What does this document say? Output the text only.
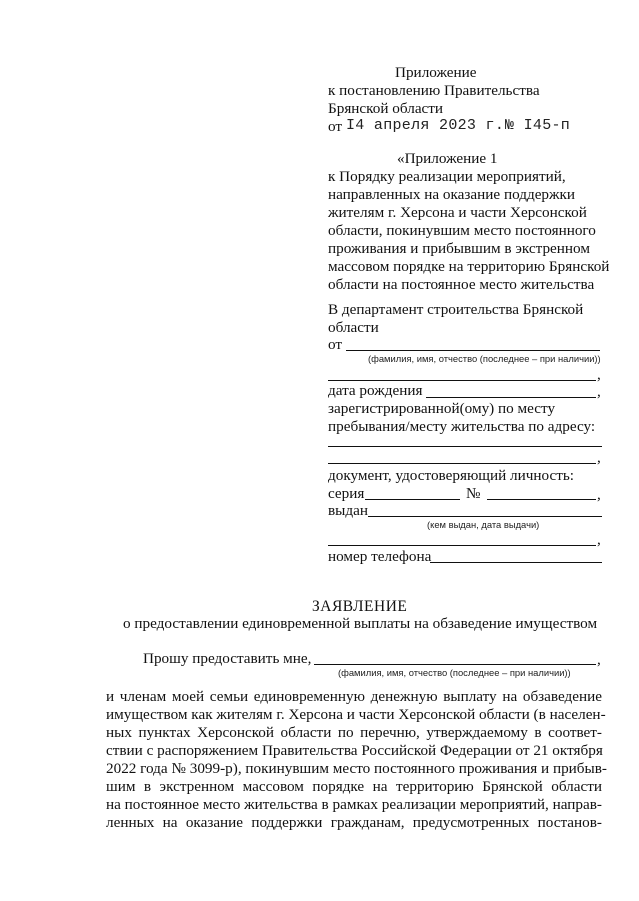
Приложение
к постановлению Правительства
Брянской области
от I4 апреля 2023 г. № I45-п
«Приложение 1
к Порядку реализации мероприятий,
направленных на оказание поддержки
жителям г. Херсона и части Херсонской
области, покинувшим место постоянного
проживания и прибывшим в экстренном
массовом порядке на территорию Брянской
области на постоянное место жительства
В департамент строительства Брянской
области
от
(фамилия, имя, отчество (последнее – при наличии))
,
дата рождения	,
зарегистрированной(ому) по месту
пребывания/месту жительства по адресу:
,
документ, удостоверяющий личность:
серия	№	,
выдан
(кем выдан, дата выдачи)
,
номер телефона
ЗАЯВЛЕНИЕ
о предоставлении единовременной выплаты на обзаведение имуществом
Прошу предоставить мне,	,
(фамилия, имя, отчество (последнее – при наличии))
и членам моей семьи единовременную денежную выплату на обзаведение
имуществом как жителям г. Херсона и части Херсонской области (в населен-
ных пунктах Херсонской области по перечню, утверждаемому в соответ-
ствии с распоряжением Правительства Российской Федерации от 21 октября
2022 года № 3099-р), покинувшим место постоянного проживания и прибыв-
шим в экстренном массовом порядке на территорию Брянской области
на постоянное место жительства в рамках реализации мероприятий, направ-
ленных на оказание поддержки гражданам, предусмотренных постанов-
